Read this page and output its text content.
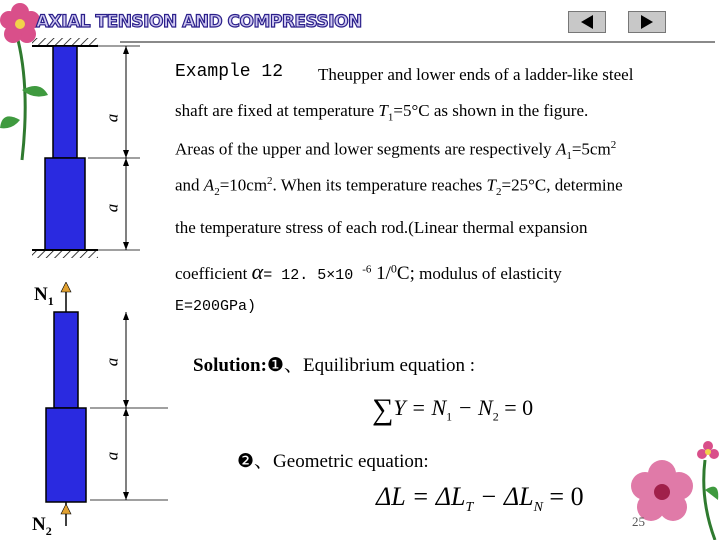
AXIAL TENSION AND COMPRESSION
a
a
$N_1$
a
a
$N_2$
Example 12 Theupper and lower ends of a ladder-like steel
shaft are fixed at temperature $T_1=5^\circ C$ as shown in the figure.
Areas of the upper and lower segments are respectively $A_1=5cm^2$
and $A_2=10cm^2$. When its temperature reaches $T_2=25^\circ C$, determine
the temperature stress of each rod.(Linear thermal expansion
coefficient α= 12. 5×10 $^{-6}$ 1/$^0$C; modulus of elasticity
E=200GPa)
Solution:❶、Equilibrium equation :
$\sum Y = N_1 - N_2 = 0$
❷、Geometric equation:
$\Delta L = \Delta L_T - \Delta L_N = 0$
25
